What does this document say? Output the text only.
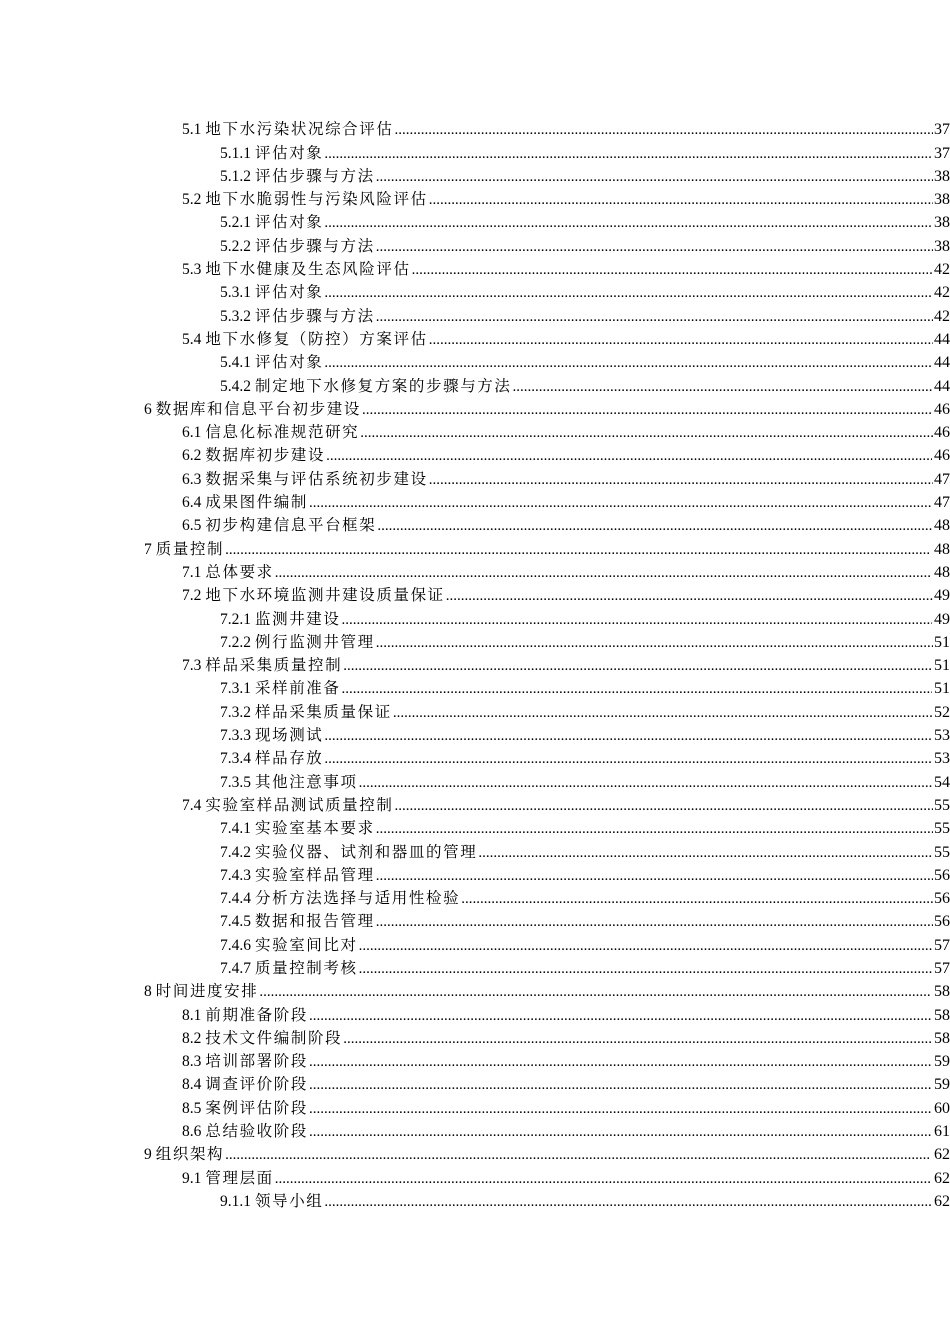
5.1 地下水污染状况综合评估 .....	37
5.1.1 评估对象 .....	37
5.1.2 评估步骤与方法 .....	38
5.2 地下水脆弱性与污染风险评估 .....	38
5.2.1 评估对象 .....	38
5.2.2 评估步骤与方法 .....	38
5.3 地下水健康及生态风险评估 .....	42
5.3.1 评估对象 .....	42
5.3.2 评估步骤与方法 .....	42
5.4 地下水修复（防控）方案评估 .....	44
5.4.1 评估对象 .....	44
5.4.2 制定地下水修复方案的步骤与方法 .....	44
6 数据库和信息平台初步建设 .....	46
6.1 信息化标准规范研究 .....	46
6.2 数据库初步建设 .....	46
6.3 数据采集与评估系统初步建设 .....	47
6.4 成果图件编制 .....	47
6.5 初步构建信息平台框架 .....	48
7 质量控制 .....	48
7.1 总体要求 .....	48
7.2 地下水环境监测井建设质量保证 .....	49
7.2.1 监测井建设 .....	49
7.2.2 例行监测井管理 .....	51
7.3 样品采集质量控制 .....	51
7.3.1 采样前准备 .....	51
7.3.2 样品采集质量保证 .....	52
7.3.3 现场测试 .....	53
7.3.4 样品存放 .....	53
7.3.5 其他注意事项 .....	54
7.4 实验室样品测试质量控制 .....	55
7.4.1 实验室基本要求 .....	55
7.4.2 实验仪器、试剂和器皿的管理 .....	55
7.4.3 实验室样品管理 .....	56
7.4.4 分析方法选择与适用性检验 .....	56
7.4.5 数据和报告管理 .....	56
7.4.6 实验室间比对 .....	57
7.4.7 质量控制考核 .....	57
8 时间进度安排 .....	58
8.1 前期准备阶段 .....	58
8.2 技术文件编制阶段 .....	58
8.3 培训部署阶段 .....	59
8.4 调查评价阶段 .....	59
8.5 案例评估阶段 .....	60
8.6 总结验收阶段 .....	61
9 组织架构 .....	62
9.1 管理层面 .....	62
9.1.1 领导小组 .....	62
